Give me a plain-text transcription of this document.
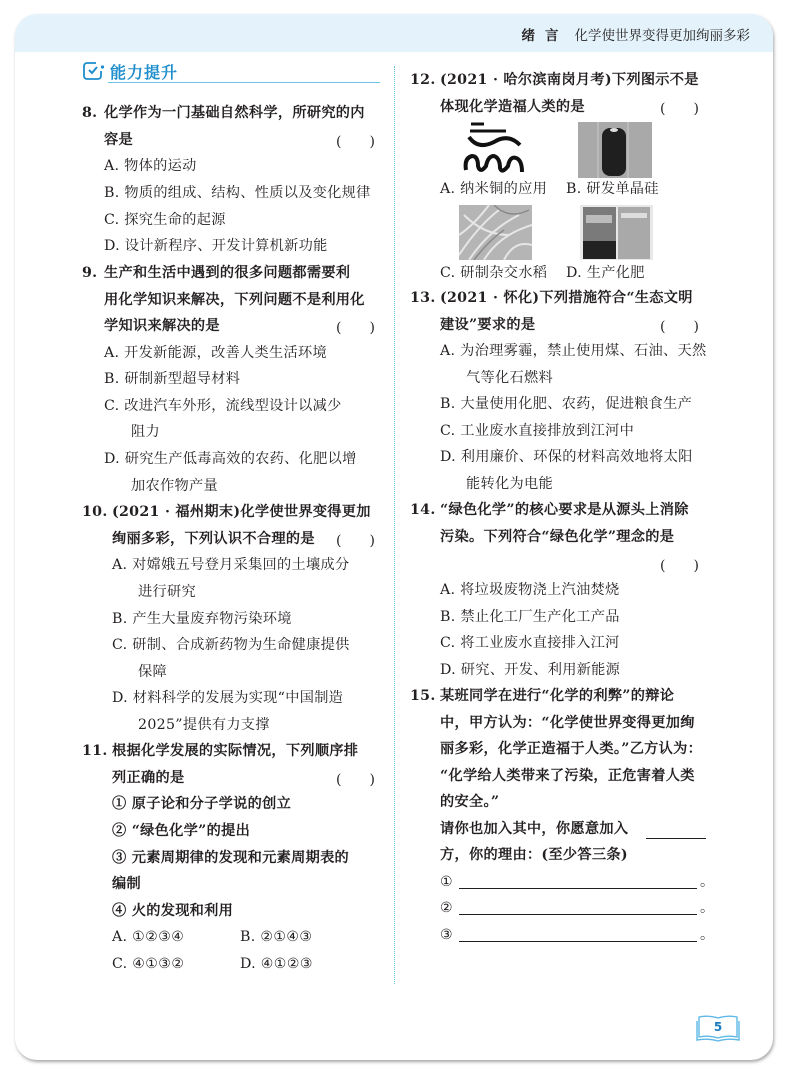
绪言 化学使世界变得更加绚丽多彩
能力提升
8. 化学作为一门基础自然科学，所研究的内
容是	(　　)
A. 物体的运动
B. 物质的组成、结构、性质以及变化规律
C. 探究生命的起源
D. 设计新程序、开发计算机新功能
9. 生产和生活中遇到的很多问题都需要利
用化学知识来解决，下列问题不是利用化
学知识来解决的是	(　　)
A. 开发新能源，改善人类生活环境
B. 研制新型超导材料
C. 改进汽车外形，流线型设计以减少
阻力
D. 研究生产低毒高效的农药、化肥以增
加农作物产量
10. (2021 · 福州期末)化学使世界变得更加
绚丽多彩，下列认识不合理的是 (　　)
A. 对嫦娥五号登月采集回的土壤成分
进行研究
B. 产生大量废弃物污染环境
C. 研制、合成新药物为生命健康提供
保障
D. 材料科学的发展为实现“中国制造
2025”提供有力支撑
11. 根据化学发展的实际情况，下列顺序排
列正确的是	(　　)
① 原子论和分子学说的创立
② “绿色化学”的提出
③ 元素周期律的发现和元素周期表的
编制
④ 火的发现和利用
A. ①②③④	B. ②①④③
C. ④①③②	D. ④①②③
12. (2021 · 哈尔滨南岗月考)下列图示不是
体现化学造福人类的是	(　　)
A. 纳米铜的应用 B. 研发单晶硅
C. 研制杂交水稻 D. 生产化肥
13. (2021 · 怀化)下列措施符合“生态文明
建设”要求的是	(　　)
A. 为治理雾霾，禁止使用煤、石油、天然
气等化石燃料
B. 大量使用化肥、农药，促进粮食生产
C. 工业废水直接排放到江河中
D. 利用廉价、环保的材料高效地将太阳
能转化为电能
14. “绿色化学”的核心要求是从源头上消除
污染。下列符合“绿色化学”理念的是
(　　)
A. 将垃圾废物浇上汽油焚烧
B. 禁止化工厂生产化工产品
C. 将工业废水直接排入江河
D. 研究、开发、利用新能源
15. 某班同学在进行“化学的利弊”的辩论
中，甲方认为：“化学使世界变得更加绚
丽多彩，化学正造福于人类。”乙方认为：
“化学给人类带来了污染，正危害着人类
的安全。”
请你也加入其中，你愿意加入
方，你的理由：(至少答三条)
①	。
②	。
③	。
5
